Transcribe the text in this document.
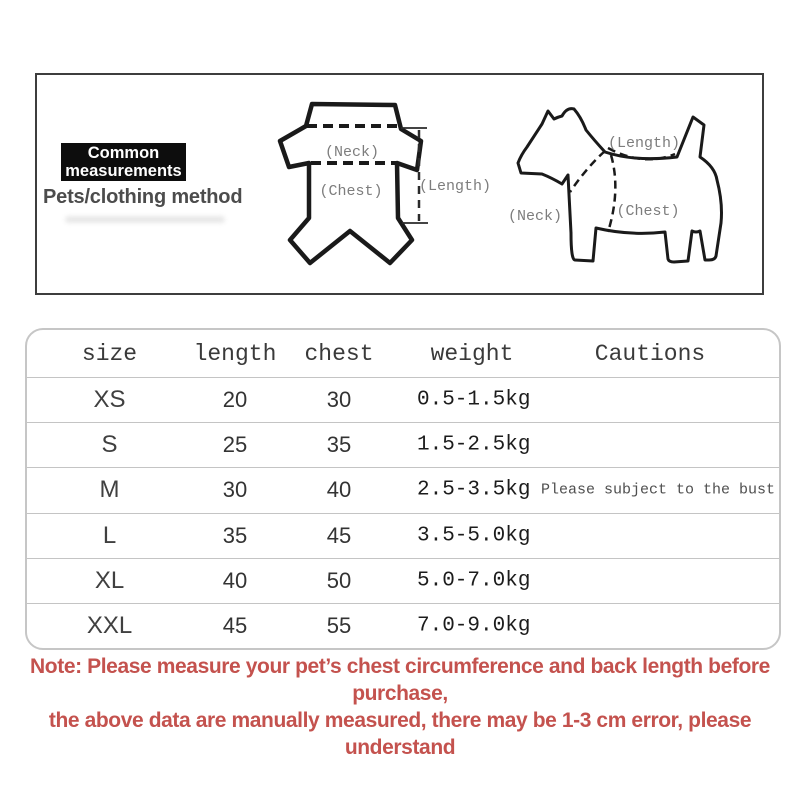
Common
measurements
Pets/clothing method
(Neck)
(Chest) (Length)
(Length)
(Neck)	(Chest)
size	length	chest	weight	Cautions
XS	20	30	0.5-1.5kg
S	25	35	1.5-2.5kg
M	30	40	2.5-3.5kg Please subject to the bust
L	35	45	3.5-5.0kg
XL	40	50	5.0-7.0kg
XXL	45	55	7.0-9.0kg
Note: Please measure your pet’s chest circumference and back length before purchase,
the above data are manually measured, there may be 1-3 cm error, please understand
